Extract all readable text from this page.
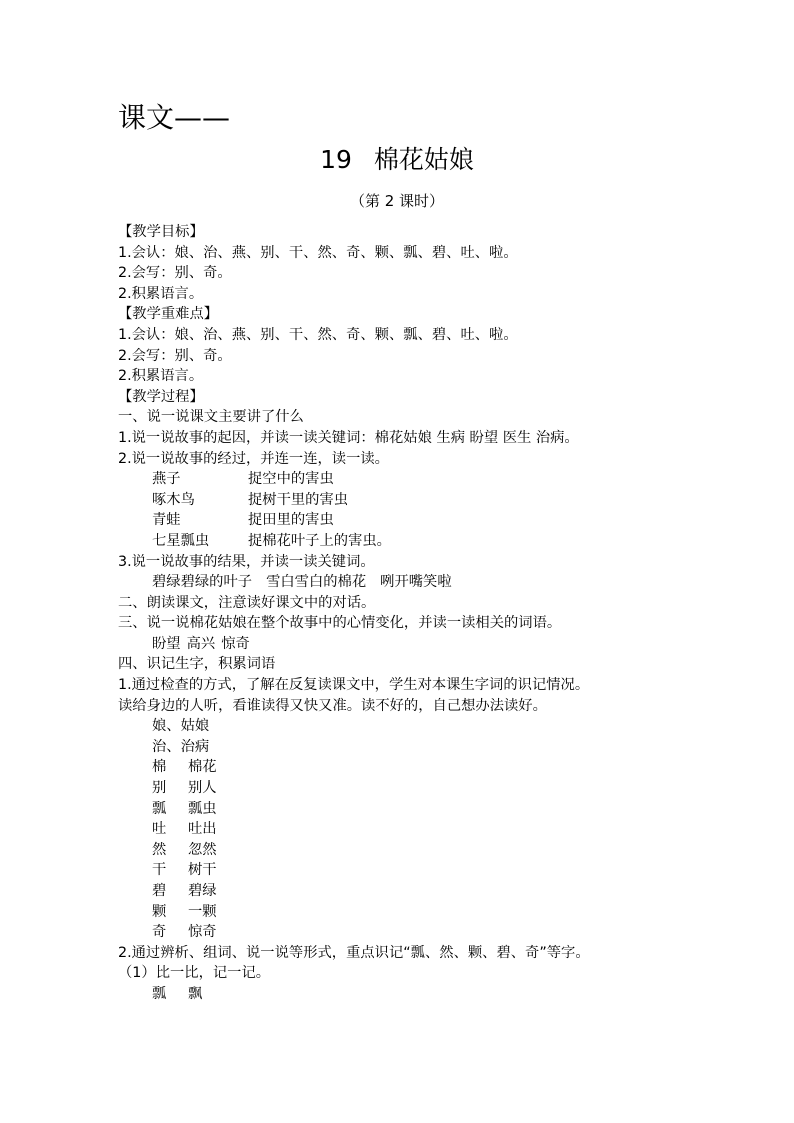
课文——
19 棉花姑娘
（第 2 课时）
【教学目标】
1.会认：娘、治、燕、别、干、然、奇、颗、瓢、碧、吐、啦。
2.会写：别、奇。
2.积累语言。
【教学重难点】
1.会认：娘、治、燕、别、干、然、奇、颗、瓢、碧、吐、啦。
2.会写：别、奇。
2.积累语言。
【教学过程】
一、说一说课文主要讲了什么
1.说一说故事的起因，并读一读关键词：棉花姑娘 生病 盼望 医生 治病。
2.说一说故事的经过，并连一连，读一读。
燕子	捉空中的害虫
啄木鸟	捉树干里的害虫
青蛙	捉田里的害虫
七星瓢虫	捉棉花叶子上的害虫。
3.说一说故事的结果，并读一读关键词。
碧绿碧绿的叶子 雪白雪白的棉花 咧开嘴笑啦
二、朗读课文，注意读好课文中的对话。
三、说一说棉花姑娘在整个故事中的心情变化，并读一读相关的词语。
盼望 高兴 惊奇
四、识记生字，积累词语
1.通过检查的方式，了解在反复读课文中，学生对本课生字词的识记情况。
读给身边的人听，看谁读得又快又准。读不好的，自己想办法读好。
娘、姑娘
治、治病
棉 棉花
别 别人
瓢 瓢虫
吐 吐出
然 忽然
干 树干
碧 碧绿
颗 一颗
奇 惊奇
2.通过辨析、组词、说一说等形式，重点识记“瓢、然、颗、碧、奇”等字。
（1）比一比，记一记。
瓢 飘
